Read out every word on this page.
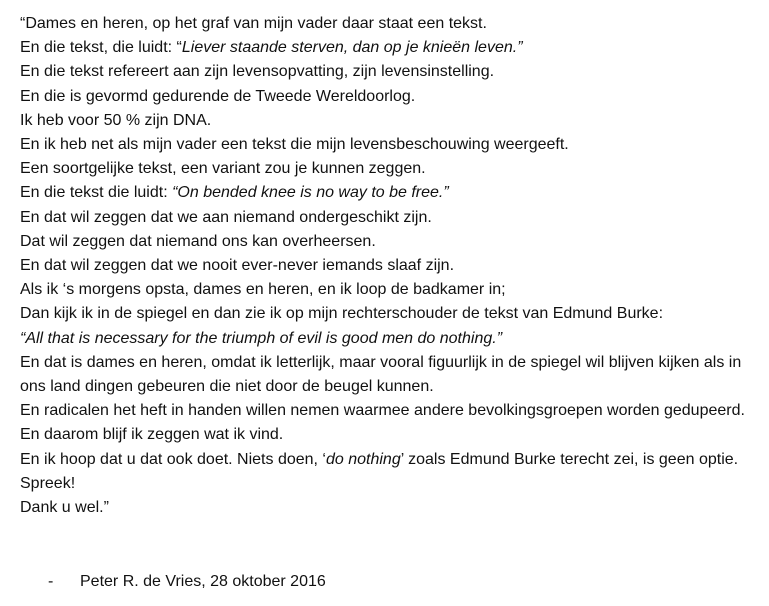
“Dames en heren, op het graf van mijn vader daar staat een tekst.

En die tekst, die luidt: “Liever staande sterven, dan op je knieën leven.”

En die tekst refereert aan zijn levensopvatting, zijn levensinstelling.

En die is gevormd gedurende de Tweede Wereldoorlog.

Ik heb voor 50 % zijn DNA.

En ik heb net als mijn vader een tekst die mijn levensbeschouwing weergeeft.

Een soortgelijke tekst, een variant zou je kunnen zeggen.

En die tekst die luidt: “On bended knee is no way to be free.”

En dat wil zeggen dat we aan niemand ondergeschikt zijn.

Dat wil zeggen dat niemand ons kan overheersen.

En dat wil zeggen dat we nooit ever-never iemands slaaf zijn.

Als ik ‘s morgens opsta, dames en heren, en ik loop de badkamer in;

Dan kijk ik in de spiegel en dan zie ik op mijn rechterschouder de tekst van Edmund Burke:

“All that is necessary for the triumph of evil is good men do nothing.”

En dat is dames en heren, omdat ik letterlijk, maar vooral figuurlijk in de spiegel wil blijven kijken als in ons land dingen gebeuren die niet door de beugel kunnen.

En radicalen het heft in handen willen nemen waarmee andere bevolkingsgroepen worden gedupeerd.

En daarom blijf ik zeggen wat ik vind.

En ik hoop dat u dat ook doet. Niets doen, ‘do nothing’ zoals Edmund Burke terecht zei, is geen optie. Spreek!

Dank u wel.”

- Peter R. de Vries, 28 oktober 2016
